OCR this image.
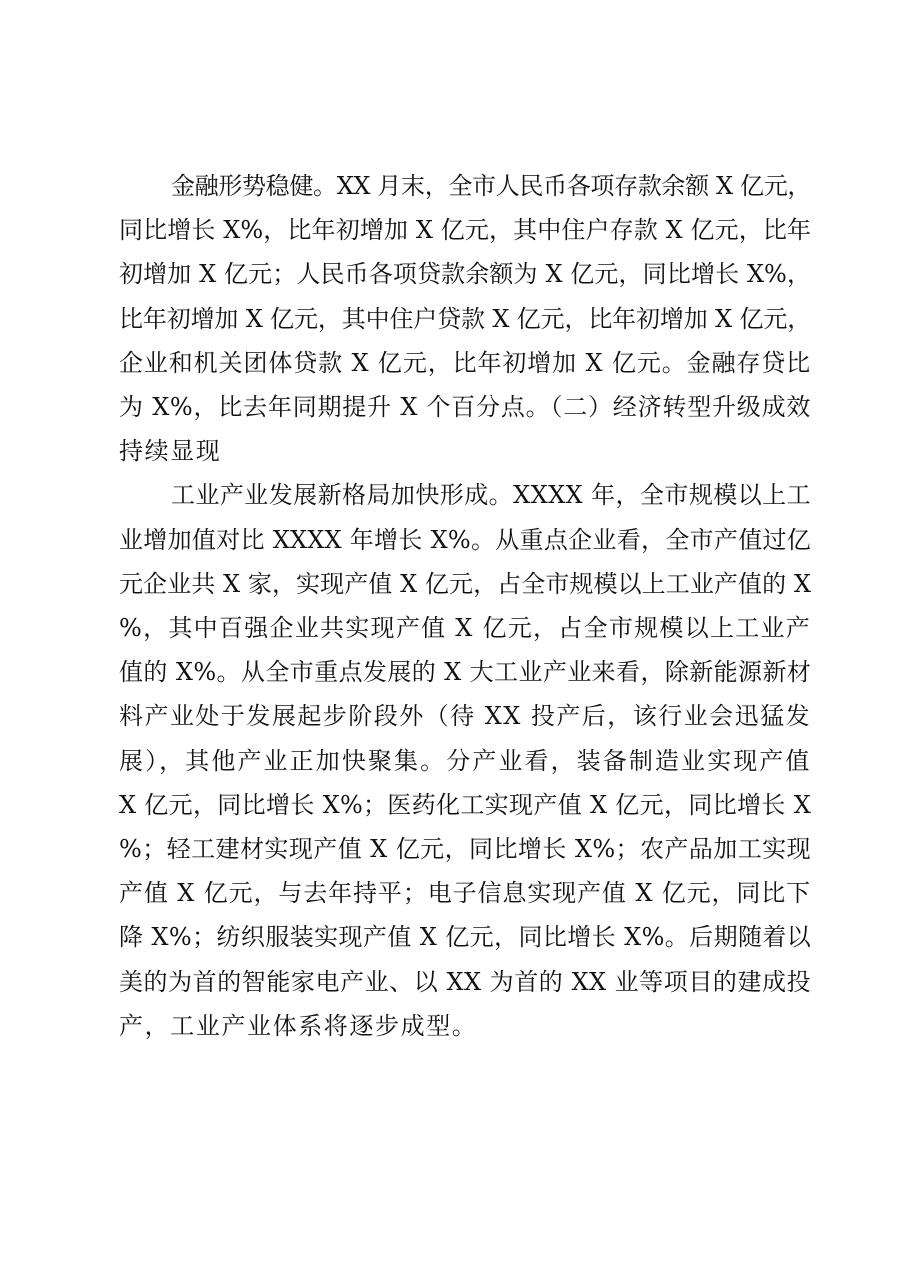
金融形势稳健。XX 月末，全市人民币各项存款余额 X 亿元，
同比增长 X%，比年初增加 X 亿元，其中住户存款 X 亿元，比年
初增加 X 亿元；人民币各项贷款余额为 X 亿元，同比增长 X%，
比年初增加 X 亿元，其中住户贷款 X 亿元，比年初增加 X 亿元，
企业和机关团体贷款 X 亿元，比年初增加 X 亿元。金融存贷比
为 X%，比去年同期提升 X 个百分点。（二）经济转型升级成效
持续显现

工业产业发展新格局加快形成。XXXX 年，全市规模以上工
业增加值对比 XXXX 年增长 X%。从重点企业看，全市产值过亿
元企业共 X 家，实现产值 X 亿元，占全市规模以上工业产值的 X
%，其中百强企业共实现产值 X 亿元，占全市规模以上工业产
值的 X%。从全市重点发展的 X 大工业产业来看，除新能源新材
料产业处于发展起步阶段外（待 XX 投产后，该行业会迅猛发
展），其他产业正加快聚集。分产业看，装备制造业实现产值
X 亿元，同比增长 X%；医药化工实现产值 X 亿元，同比增长 X
%；轻工建材实现产值 X 亿元，同比增长 X%；农产品加工实现
产值 X 亿元，与去年持平；电子信息实现产值 X 亿元，同比下
降 X%；纺织服装实现产值 X 亿元，同比增长 X%。后期随着以
美的为首的智能家电产业、以 XX 为首的 XX 业等项目的建成投
产，工业产业体系将逐步成型。
